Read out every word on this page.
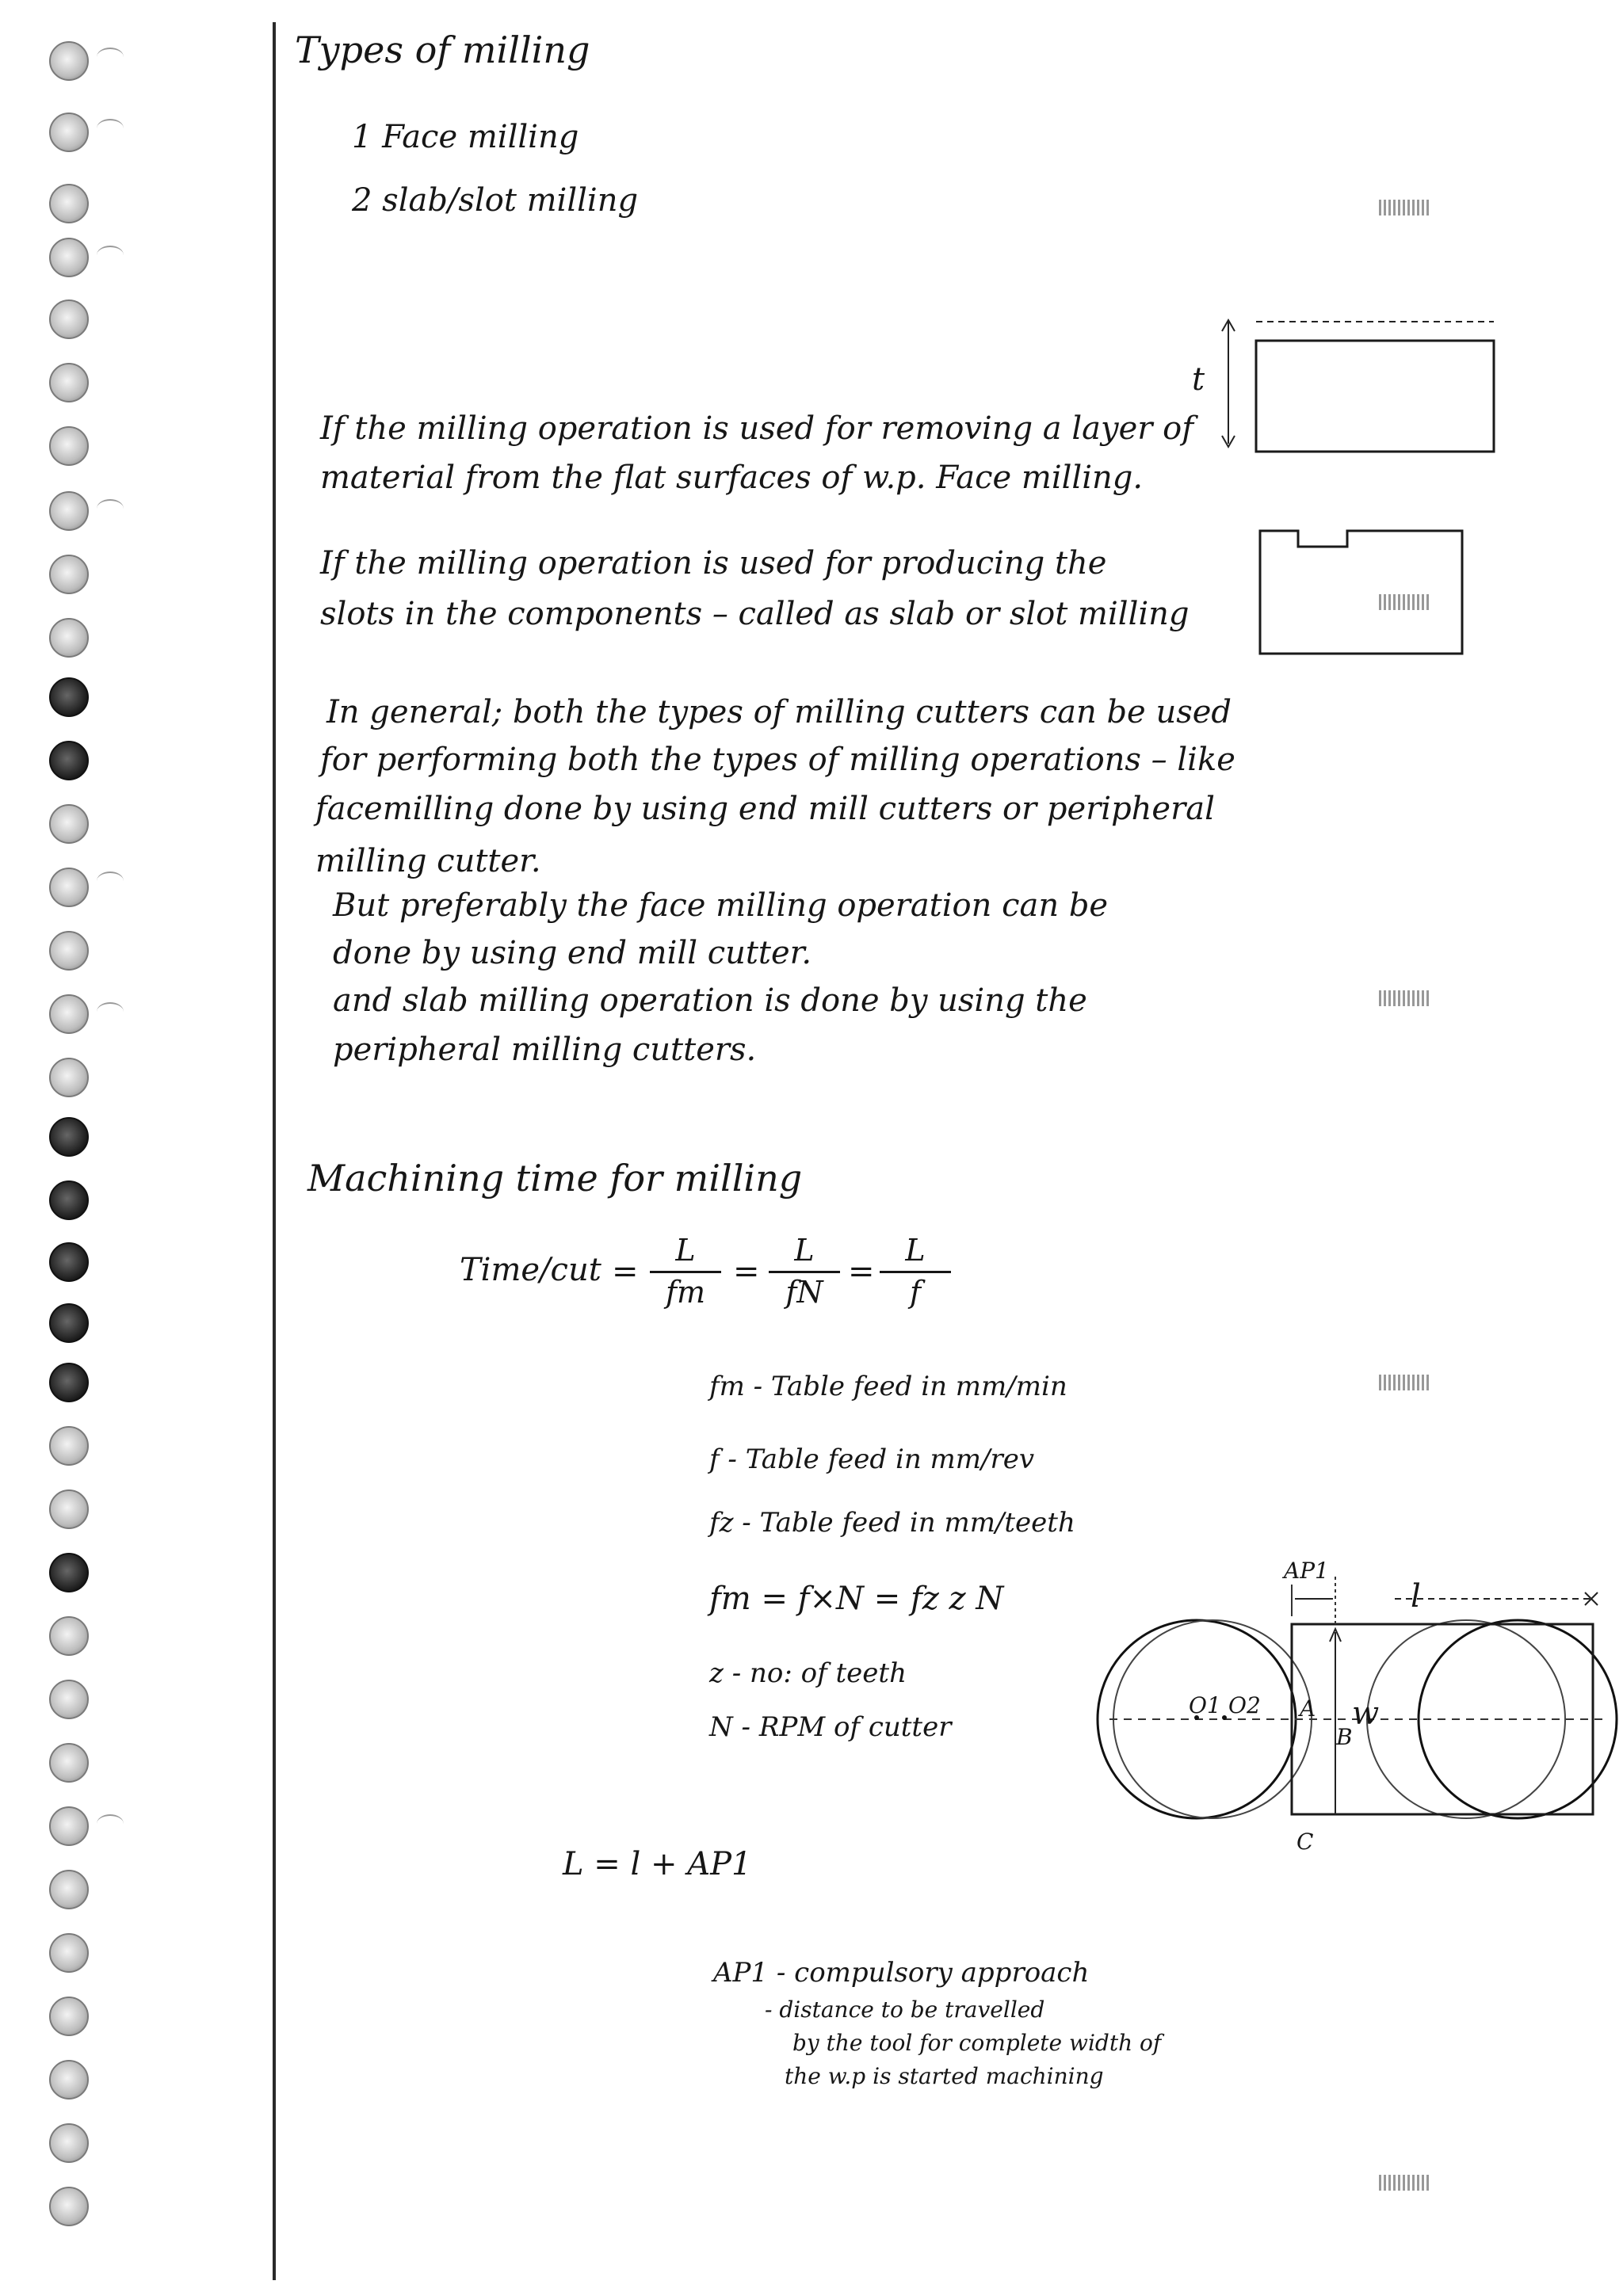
Types of milling
1 Face milling
2 slab/slot milling
If the milling operation is used for removing a layer of
material from the flat surfaces of w.p. Face milling.
If the milling operation is used for producing the
slots in the components – called as slab or slot milling
In general; both the types of milling cutters can be used
for performing both the types of milling operations – like
facemilling done by using end mill cutters or peripheral
milling cutter.
But preferably the face milling operation can be
done by using end mill cutter.
and slab milling operation is done by using the
peripheral milling cutters.
Machining time for milling
Time/cut = $\frac{L}{fm} = \frac{L}{fN} = \frac{L}{f}$
fm - Table feed in mm/min
f - Table feed in mm/rev
fz - Table feed in mm/teeth
fm = f×N = fz z N
z - no: of teeth
N - RPM of cutter
L = l + AP1
AP1 - compulsory approach
- distance to be travelled
by the tool for complete width of
the w.p is started machining
t
AP1
l
O1 O2 A
B
C
w
